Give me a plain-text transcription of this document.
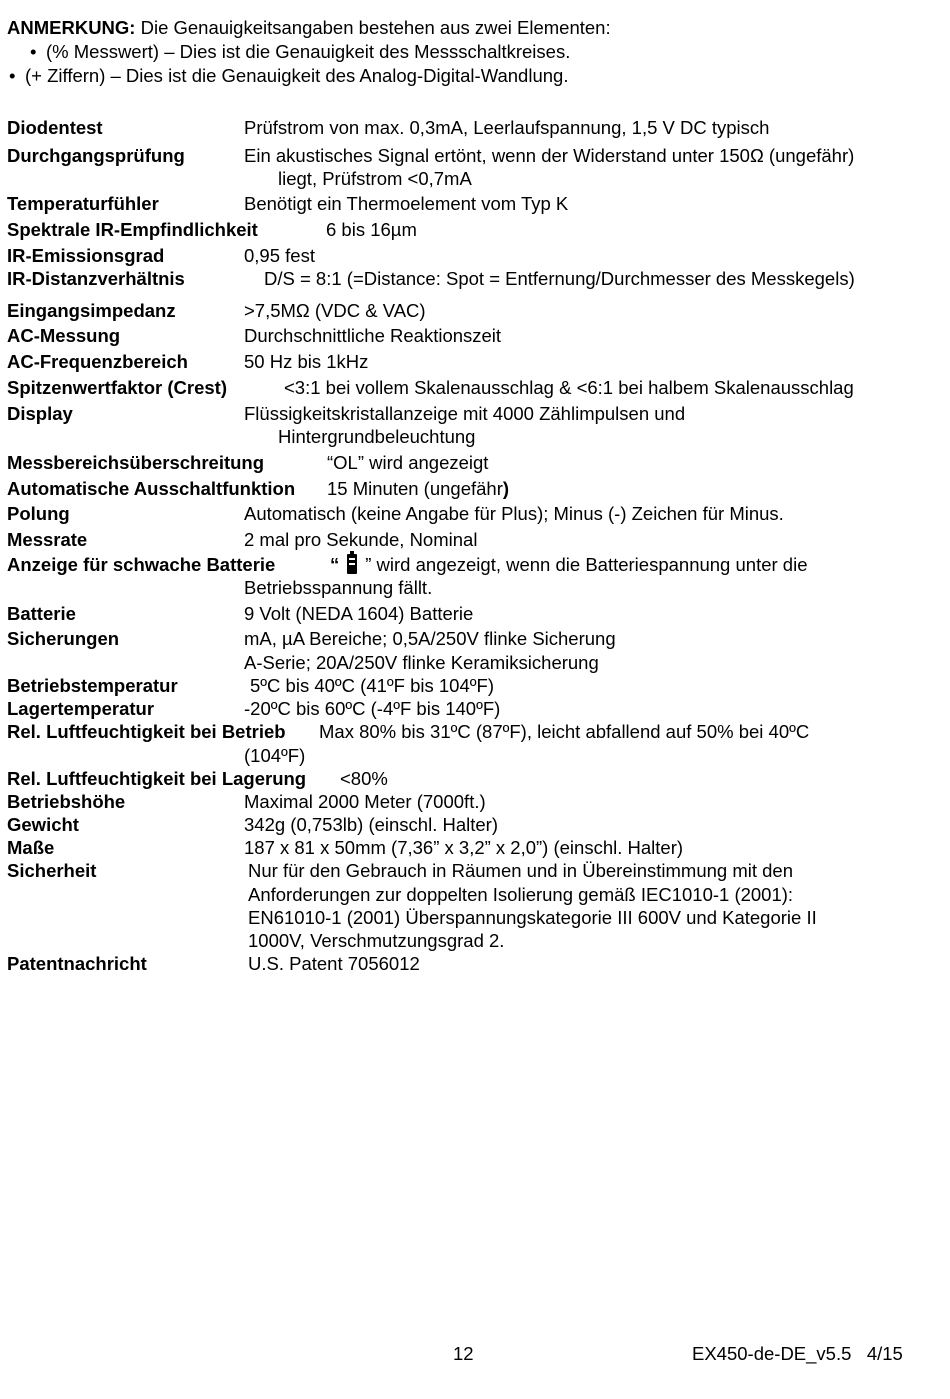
ANMERKUNG: Die Genauigkeitsangaben bestehen aus zwei Elementen:
• (% Messwert) – Dies ist die Genauigkeit des Messschaltkreises.
• (+ Ziffern) – Dies ist die Genauigkeit des Analog-Digital-Wandlung.
Diodentest	Prüfstrom von max. 0,3mA, Leerlaufspannung, 1,5 V DC typisch
Durchgangsprüfung	Ein akustisches Signal ertönt, wenn der Widerstand unter 150Ω (ungefähr)
liegt, Prüfstrom <0,7mA
Temperaturfühler	Benötigt ein Thermoelement vom Typ K
Spektrale IR-Empfindlichkeit	6 bis 16µm
IR-Emissionsgrad	0,95 fest
IR-Distanzverhältnis	D/S = 8:1 (=Distance: Spot = Entfernung/Durchmesser des Messkegels)
Eingangsimpedanz	>7,5MΩ (VDC & VAC)
AC-Messung	Durchschnittliche Reaktionszeit
AC-Frequenzbereich	50 Hz bis 1kHz
Spitzenwertfaktor (Crest)	<3:1 bei vollem Skalenausschlag & <6:1 bei halbem Skalenausschlag
Display	Flüssigkeitskristallanzeige mit 4000 Zählimpulsen und
Hintergrundbeleuchtung
Messbereichsüberschreitung	“OL” wird angezeigt
Automatische Ausschaltfunktion 15 Minuten (ungefähr)
Polung	Automatisch (keine Angabe für Plus); Minus (-) Zeichen für Minus.
Messrate	2 mal pro Sekunde, Nominal
Anzeige für schwache Batterie	“ ” wird angezeigt, wenn die Batteriespannung unter die
Betriebsspannung fällt.
Batterie	9 Volt (NEDA 1604) Batterie
Sicherungen	mA, µA Bereiche; 0,5A/250V flinke Sicherung
A-Serie; 20A/250V flinke Keramiksicherung
Betriebstemperatur	5ºC bis 40ºC (41ºF bis 104ºF)
Lagertemperatur	-20ºC bis 60ºC (-4ºF bis 140ºF)
Rel. Luftfeuchtigkeit bei Betrieb Max 80% bis 31ºC (87ºF), leicht abfallend auf 50% bei 40ºC
(104ºF)
Rel. Luftfeuchtigkeit bei Lagerung <80%
Betriebshöhe	Maximal 2000 Meter (7000ft.)
Gewicht	342g (0,753lb) (einschl. Halter)
Maße	187 x 81 x 50mm (7,36” x 3,2” x 2,0”) (einschl. Halter)
Sicherheit	Nur für den Gebrauch in Räumen und in Übereinstimmung mit den
Anforderungen zur doppelten Isolierung gemäß IEC1010-1 (2001):
EN61010-1 (2001) Überspannungskategorie III 600V und Kategorie II
1000V, Verschmutzungsgrad 2.
Patentnachricht	U.S. Patent 7056012
12	EX450-de-DE_v5.5   4/15
